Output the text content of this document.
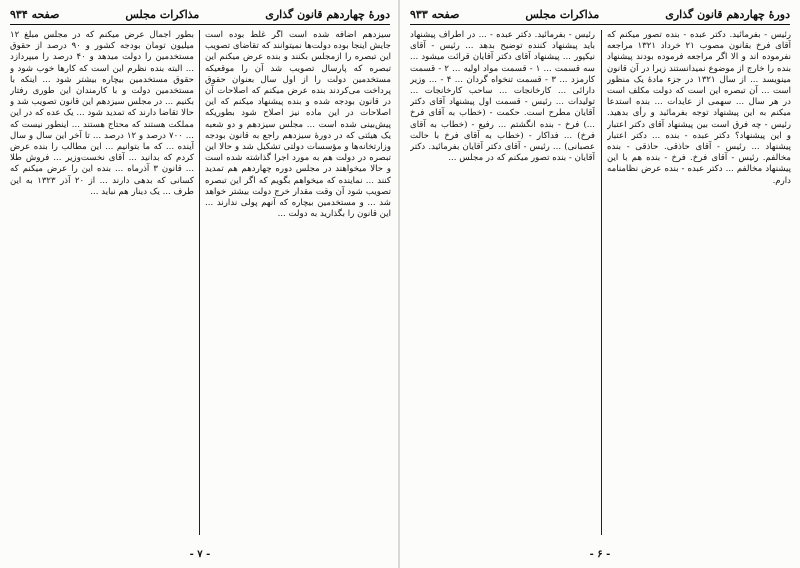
دورهٔ چهاردهم قانون گذاری
مذاکرات مجلس
صفحه ۹۳۴

سیزدهم اضافه شده است اگر غلط بوده است جایش اینجا بوده دولت‌ها نمیتوانند که تقاضای تصویب این تبصره را ازمجلس بکنند و بنده عرض میکنم این تبصره که پارسال تصویب شد آن را موقعیکه مستخدمین دولت را از اول سال بعنوان حقوق پرداخت می‌کردند بنده عرض میکنم که اصلاحات آن در قانون بودجه شده و بنده پیشنهاد میکنم که این اصلاحات در این ماده نیز اصلاح شود بطوریکه پیش‌بینی شده است ... مجلس سیزدهم و دو شعبه یک هیئتی که در دورهٔ سیزدهم راجع به قانون بودجه وزارتخانه‌ها و مؤسسات دولتی تشکیل شد و حالا این تبصره در دولت هم به مورد اجرا گذاشته شده است و حالا میخواهند در مجلس دوره چهاردهم هم تمدید کنند ... نماینده که میخواهم بگویم که اگر این تبصره تصویب شود آن وقت مقدار خرج دولت بیشتر خواهد شد ... و مستخدمین بیچاره که آنهم پولی ندارند ... این قانون را بگذارید به دولت ...

بطور اجمال عرض میکنم که در مجلس مبلغ ۱۲ میلیون تومان بودجه کشور و ۹۰ درصد از حقوق مستخدمین را دولت میدهد و ۴۰ درصد را میپردازد ... البته بنده نظرم این است که کارها خوب شود و حقوق مستخدمین بیچاره بیشتر شود ... اینکه با مستخدمین دولت و با کارمندان این طوری رفتار بکنیم ... در مجلس سیزدهم این قانون تصویب شد و حالا تقاضا دارند که تمدید شود ... یک عده که در این مملکت هستند که محتاج هستند ... اینطور نیست که ... ۷۰۰ درصد و ۱۲ درصد ... تا آخر این سال و سال آینده ... که ما بتوانیم ... این مطالب را بنده عرض کردم که بدانید ... آقای نخست‌وزیر ... فروش طلا ... قانون ۳ آذرماه ... بنده این را عرض میکنم که کسانی که بدهی دارند ... از ۲۰ آذر ۱۳۲۳ به این طرف ... یک دینار هم نباید ...

- ۷ -
دورهٔ چهاردهم قانون گذاری
مذاکرات مجلس
صفحه ۹۳۳

رئیس - بفرمائید. دکتر عبده - بنده تصور میکنم که آقای فرخ بقانون مصوب ۲۱ خرداد ۱۳۲۱ مراجعه نفرموده اند و الا اگر مراجعه فرموده بودند پیشنهاد بنده را خارج از موضوع نمیدانستند زیرا در آن قانون مینویسد ... از سال ۱۳۲۱ در جزء مادهٔ یک منظور است ... آن تبصره این است که دولت مکلف است در هر سال ... سهمی از عایدات ... بنده استدعا میکنم به این پیشنهاد توجه بفرمائید و رأی بدهید. رئیس - چه فرق است بین پیشنهاد آقای دکتر اعتبار و این پیشنهاد؟ دکتر عبده - بنده ... دکتر اعتبار پیشنهاد ... رئیس - آقای حاذقی. حاذقی - بنده مخالفم. رئیس - آقای فرخ. فرخ - بنده هم با این پیشنهاد مخالفم ... دکتر عبده - بنده عرض نظامنامه دارم.

رئیس - بفرمائید. دکتر عبده - ... در اطراف پیشنهاد باید پیشنهاد کننده توضیح بدهد ... رئیس - آقای نیکپور ... پیشنهاد آقای دکتر آقایان قرائت میشود ... سه قسمت ... ۱ - قسمت مواد اولیه ... ۲ - قسمت کارمزد ... ۳ - قسمت تنخواه گردان ... ۴ - ... وزیر دارائی ... کارخانجات ... ساحب کارخانجات ... تولیدات ... رئیس - قسمت اول پیشنهاد آقای دکتر آقایان مطرح است. حکمت - (خطاب به آقای فرخ ...) فرخ - بنده انگشتم ... رفیع - (خطاب به آقای فرخ) ... فداکار - (خطاب به آقای فرخ با حالت عصبانی) ... رئیس - آقای دکتر آقایان بفرمائید. دکتر آقایان - بنده تصور میکنم که در مجلس ...

- ۶ -
